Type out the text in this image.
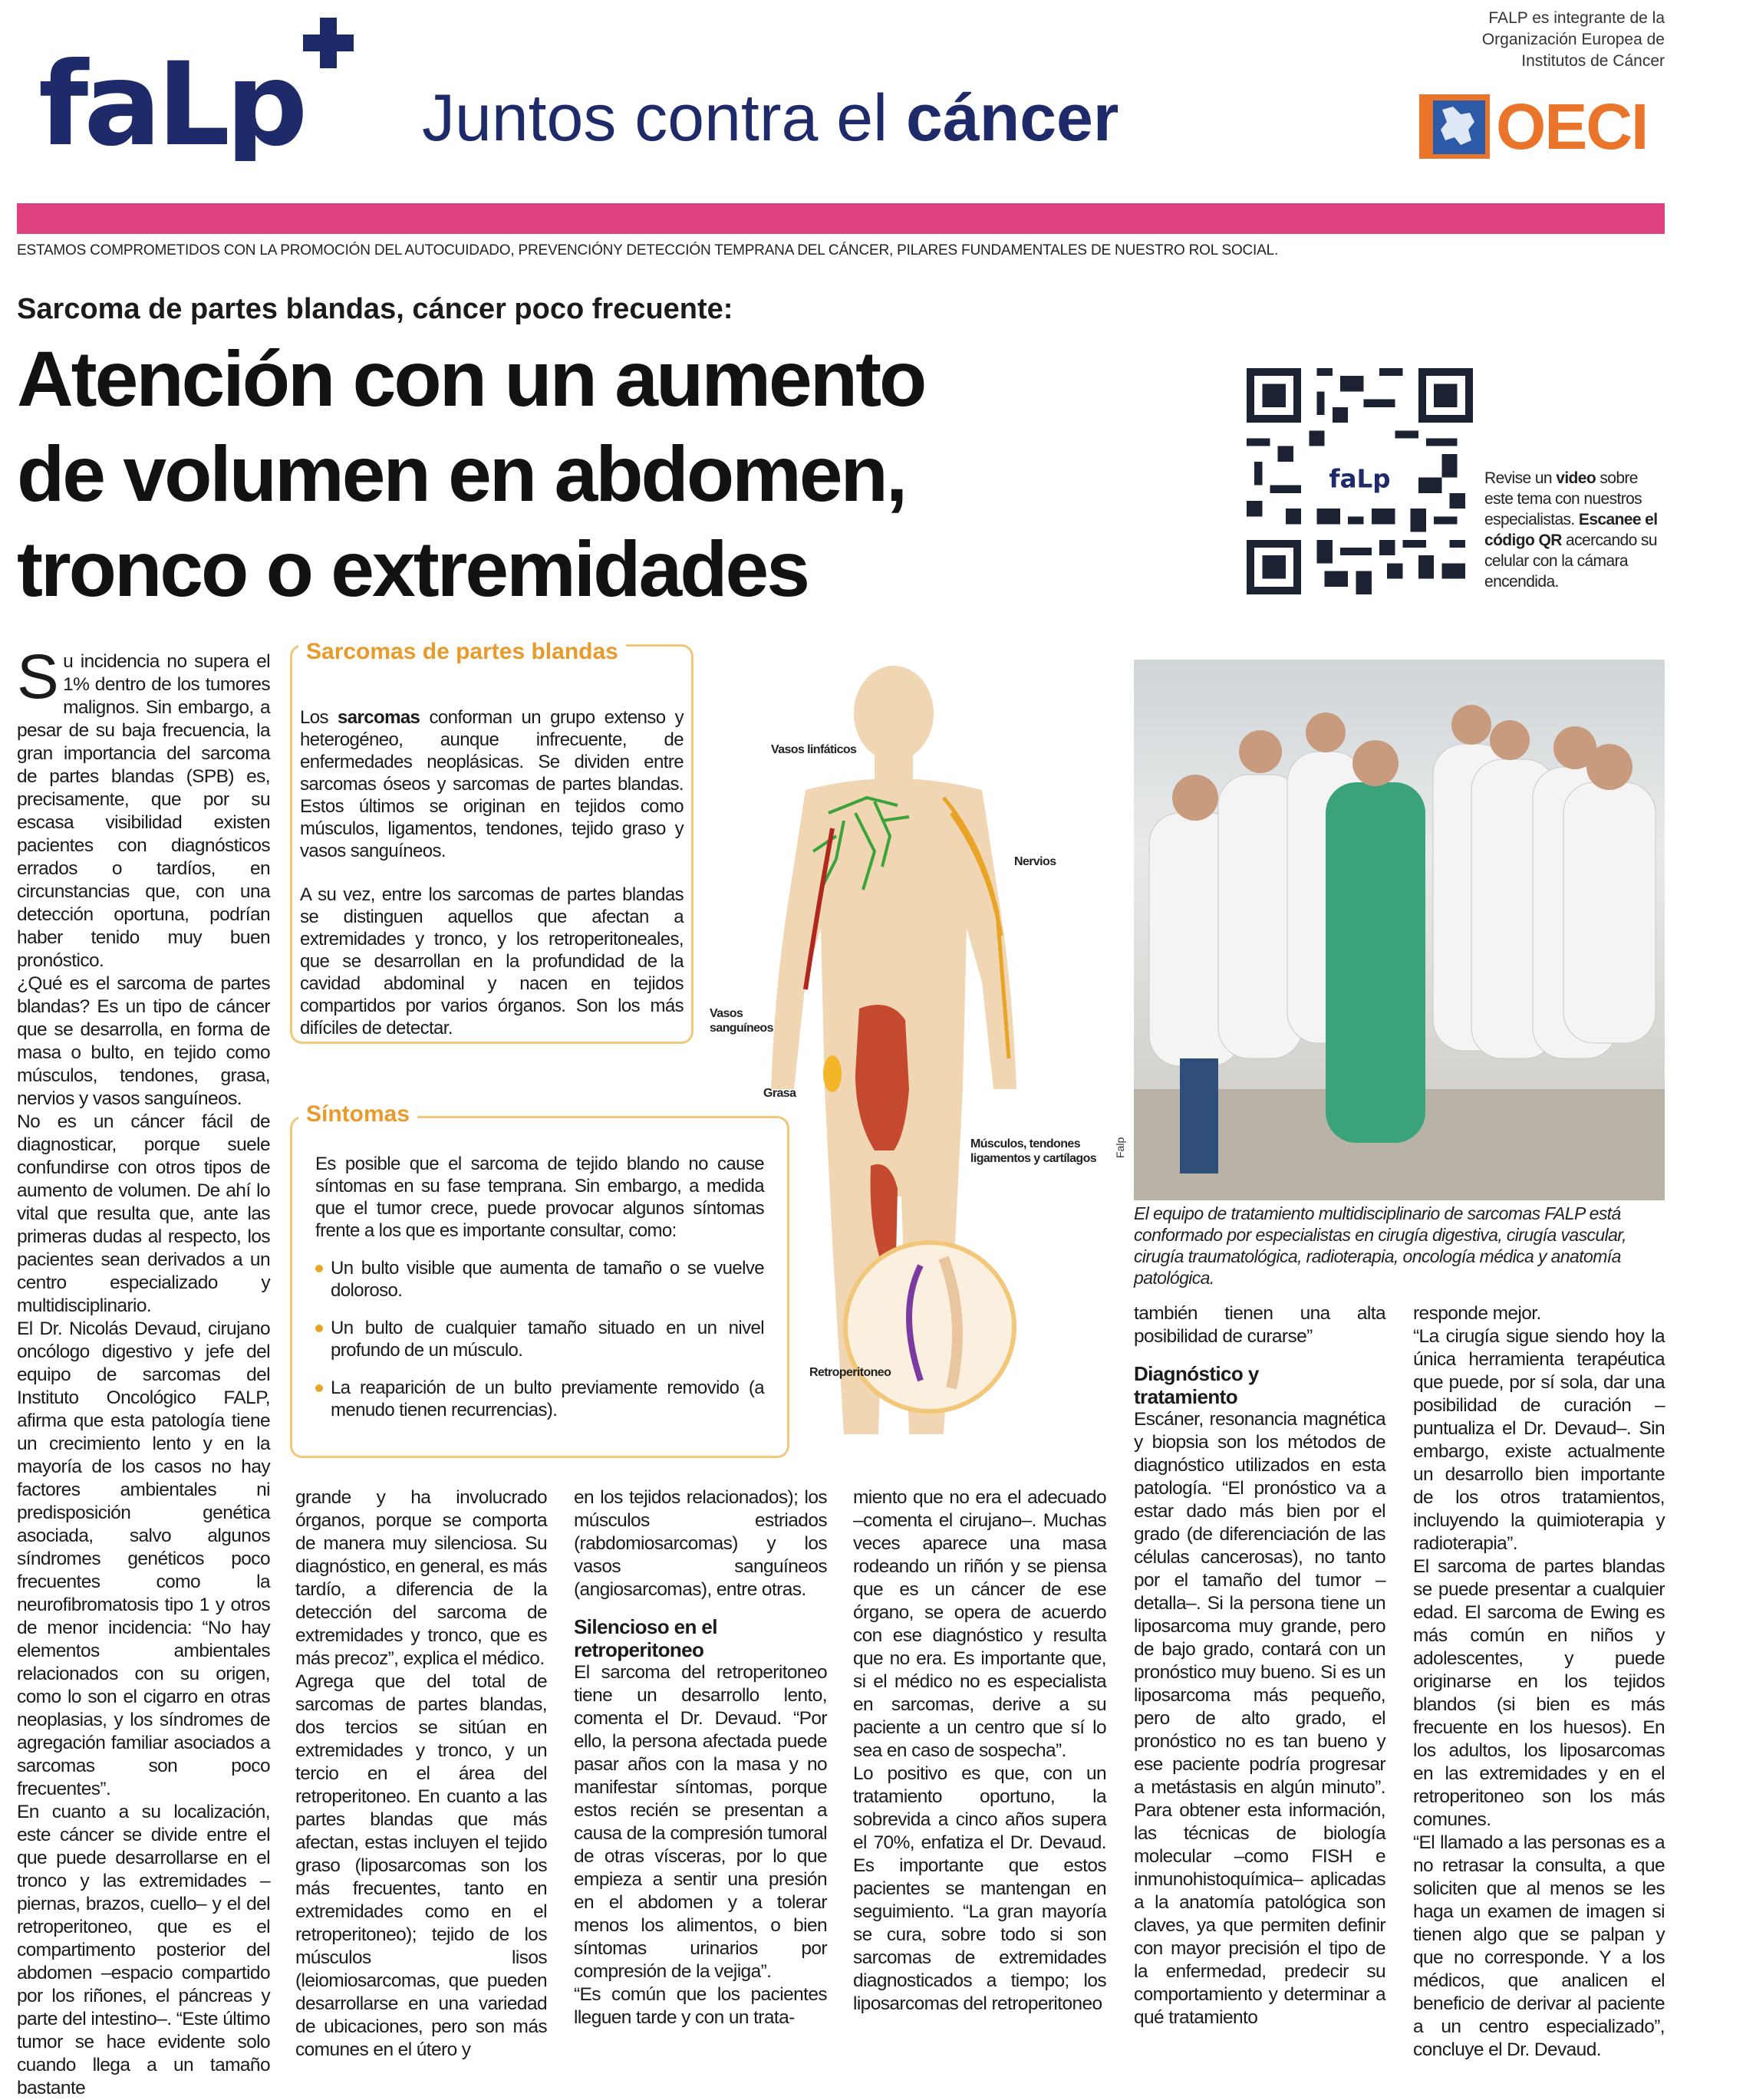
faLp Juntos contra el cáncer
FALP es integrante de la Organización Europea de Institutos de Cáncer
OECI
ESTAMOS COMPROMETIDOS CON LA PROMOCIÓN DEL AUTOCUIDADO, PREVENCIÓNY DETECCIÓN TEMPRANA DEL CÁNCER, PILARES FUNDAMENTALES DE NUESTRO ROL SOCIAL.
Sarcoma de partes blandas, cáncer poco frecuente:
Atención con un aumento de volumen en abdomen, tronco o extremidades
faLp	Revise un video sobre este tema con nuestros especialistas. Escanee el código QR acercando su celular con la cámara encendida.

Su incidencia no supera el 1% dentro de los tumores malignos. Sin embargo, a pesar de su baja frecuencia, la gran importancia del sarcoma de partes blandas (SPB) es, precisamente, que por su escasa visibilidad existen pacientes con diagnósticos errados o tardíos, en circunstancias que, con una detección oportuna, podrían haber tenido muy buen pronóstico.

¿Qué es el sarcoma de partes blandas? Es un tipo de cáncer que se desarrolla, en forma de masa o bulto, en tejido como músculos, tendones, grasa, nervios y vasos sanguíneos.

No es un cáncer fácil de diagnosticar, porque suele confundirse con otros tipos de aumento de volumen. De ahí lo vital que resulta que, ante las primeras dudas al respecto, los pacientes sean derivados a un centro especializado y multidisciplinario.

El Dr. Nicolás Devaud, cirujano oncólogo digestivo y jefe del equipo de sarcomas del Instituto Oncológico FALP, afirma que esta patología tiene un crecimiento lento y en la mayoría de los casos no hay factores ambientales ni predisposición genética asociada, salvo algunos síndromes genéticos poco frecuentes como la neurofibromatosis tipo 1 y otros de menor incidencia: “No hay elementos ambientales relacionados con su origen, como lo son el cigarro en otras neoplasias, y los síndromes de agregación familiar asociados a sarcomas son poco frecuentes”.

En cuanto a su localización, este cáncer se divide entre el que puede desarrollarse en el tronco y las extremidades –piernas, brazos, cuello– y el del retroperitoneo, que es el compartimento posterior del abdomen –espacio compartido por los riñones, el páncreas y parte del intestino–. “Este último tumor se hace evidente solo cuando llega a un tamaño bastante

Sarcomas de partes blandas

Los sarcomas conforman un grupo extenso y heterogéneo, aunque infrecuente, de enfermedades neoplásicas. Se dividen entre sarcomas óseos y sarcomas de partes blandas. Estos últimos se originan en tejidos como músculos, ligamentos, tendones, tejido graso y vasos sanguíneos.

A su vez, entre los sarcomas de partes blandas se distinguen aquellos que afectan a extremidades y tronco, y los retroperitoneales, que se desarrollan en la profundidad de la cavidad abdominal y nacen en tejidos compartidos por varios órganos. Son los más difíciles de detectar.

Síntomas

Es posible que el sarcoma de tejido blando no cause síntomas en su fase temprana. Sin embargo, a medida que el tumor crece, puede provocar algunos síntomas frente a los que es importante consultar, como:

Un bulto visible que aumenta de tamaño o se vuelve doloroso.
Un bulto de cualquier tamaño situado en un nivel profundo de un músculo.
La reaparición de un bulto previamente removido (a menudo tienen recurrencias).
Vasos linfáticos
Nervios
Vasos sanguíneos
Grasa
Músculos, tendones ligamentos y cartílagos
Retroperitoneo
Falp
El equipo de tratamiento multidisciplinario de sarcomas FALP está conformado por especialistas en cirugía digestiva, cirugía vascular, cirugía traumatológica, radioterapia, oncología médica y anatomía patológica.

grande y ha involucrado órganos, porque se comporta de manera muy silenciosa. Su diagnóstico, en general, es más tardío, a diferencia de la detección del sarcoma de extremidades y tronco, que es más precoz”, explica el médico.

Agrega que del total de sarcomas de partes blandas, dos tercios se sitúan en extremidades y tronco, y un tercio en el área del retroperitoneo. En cuanto a las partes blandas que más afectan, estas incluyen el tejido graso (liposarcomas son los más frecuentes, tanto en extremidades como en el retroperitoneo); tejido de los músculos lisos (leiomiosarcomas, que pueden desarrollarse en una variedad de ubicaciones, pero son más comunes en el útero y

en los tejidos relacionados); los músculos estriados (rabdomiosarcomas) y los vasos sanguíneos (angiosarcomas), entre otras.

Silencioso en el retroperitoneo

El sarcoma del retroperitoneo tiene un desarrollo lento, comenta el Dr. Devaud. “Por ello, la persona afectada puede pasar años con la masa y no manifestar síntomas, porque estos recién se presentan a causa de la compresión tumoral de otras vísceras, por lo que empieza a sentir una presión en el abdomen y a tolerar menos los alimentos, o bien síntomas urinarios por compresión de la vejiga”.

“Es común que los pacientes lleguen tarde y con un trata-

miento que no era el adecuado –comenta el cirujano–. Muchas veces aparece una masa rodeando un riñón y se piensa que es un cáncer de ese órgano, se opera de acuerdo con ese diagnóstico y resulta que no era. Es importante que, si el médico no es especialista en sarcomas, derive a su paciente a un centro que sí lo sea en caso de sospecha”.

Lo positivo es que, con un tratamiento oportuno, la sobrevida a cinco años supera el 70%, enfatiza el Dr. Devaud. Es importante que estos pacientes se mantengan en seguimiento. “La gran mayoría se cura, sobre todo si son sarcomas de extremidades diagnosticados a tiempo; los liposarcomas del retroperitoneo

también tienen una alta posibilidad de curarse”

Diagnóstico y tratamiento

Escáner, resonancia magnética y biopsia son los métodos de diagnóstico utilizados en esta patología. “El pronóstico va a estar dado más bien por el grado (de diferenciación de las células cancerosas), no tanto por el tamaño del tumor –detalla–. Si la persona tiene un liposarcoma muy grande, pero de bajo grado, contará con un pronóstico muy bueno. Si es un liposarcoma más pequeño, pero de alto grado, el pronóstico no es tan bueno y ese paciente podría progresar a metástasis en algún minuto”. Para obtener esta información, las técnicas de biología molecular –como FISH e inmunohistoquímica– aplicadas a la anatomía patológica son claves, ya que permiten definir con mayor precisión el tipo de la enfermedad, predecir su comportamiento y determinar a qué tratamiento

responde mejor.

“La cirugía sigue siendo hoy la única herramienta terapéutica que puede, por sí sola, dar una posibilidad de curación –puntualiza el Dr. Devaud–. Sin embargo, existe actualmente un desarrollo bien importante de los otros tratamientos, incluyendo la quimioterapia y radioterapia”.

El sarcoma de partes blandas se puede presentar a cualquier edad. El sarcoma de Ewing es más común en niños y adolescentes, y puede originarse en los tejidos blandos (si bien es más frecuente en los huesos). En los adultos, los liposarcomas en las extremidades y en el retroperitoneo son los más comunes.

“El llamado a las personas es a no retrasar la consulta, a que soliciten que al menos se les haga un examen de imagen si tienen algo que se palpan y que no corresponde. Y a los médicos, que analicen el beneficio de derivar al paciente a un centro especializado”, concluye el Dr. Devaud.
